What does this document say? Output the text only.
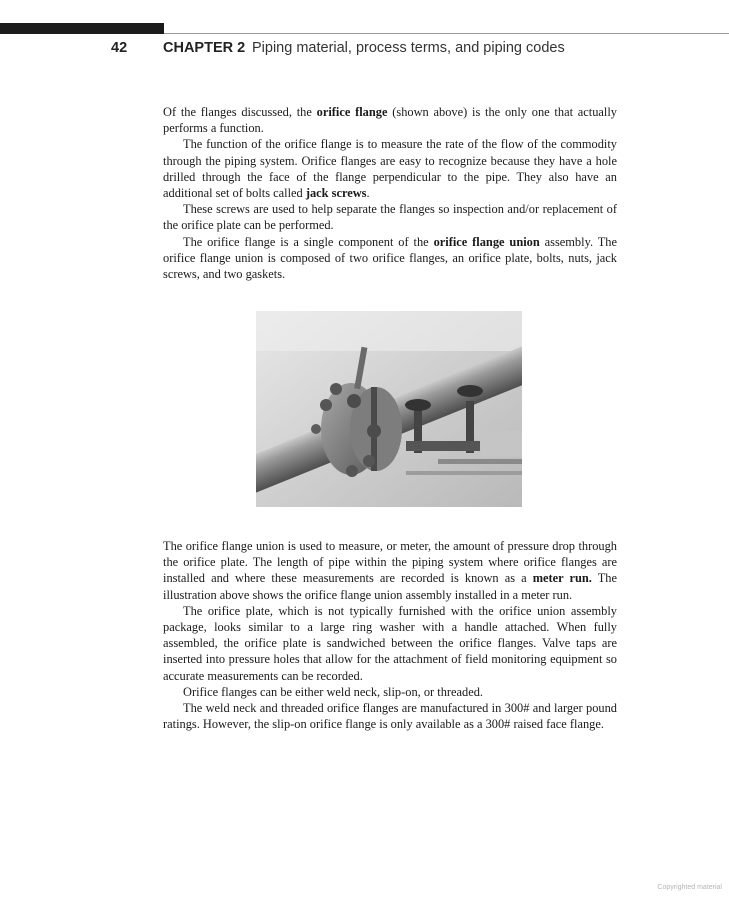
42 CHAPTER 2 Piping material, process terms, and piping codes

Of the flanges discussed, the orifice flange (shown above) is the only one that actually performs a function.

The function of the orifice flange is to measure the rate of the flow of the commodity through the piping system. Orifice flanges are easy to recognize because they have a hole drilled through the face of the flange perpendicular to the pipe. They also have an additional set of bolts called jack screws.

These screws are used to help separate the flanges so inspection and/or replacement of the orifice plate can be performed.

The orifice flange is a single component of the orifice flange union assembly. The orifice flange union is composed of two orifice flanges, an orifice plate, bolts, nuts, jack screws, and two gaskets.

The orifice flange union is used to measure, or meter, the amount of pressure drop through the orifice plate. The length of pipe within the piping system where orifice flanges are installed and where these measurements are recorded is known as a meter run. The illustration above shows the orifice flange union assembly installed in a meter run.

The orifice plate, which is not typically furnished with the orifice union assembly package, looks similar to a large ring washer with a handle attached. When fully assembled, the orifice plate is sandwiched between the orifice flanges. Valve taps are inserted into pressure holes that allow for the attachment of field monitoring equipment so accurate measurements can be recorded.

Orifice flanges can be either weld neck, slip-on, or threaded.

The weld neck and threaded orifice flanges are manufactured in 300# and larger pound ratings. However, the slip-on orifice flange is only available as a 300# raised face flange.

Copyrighted material
